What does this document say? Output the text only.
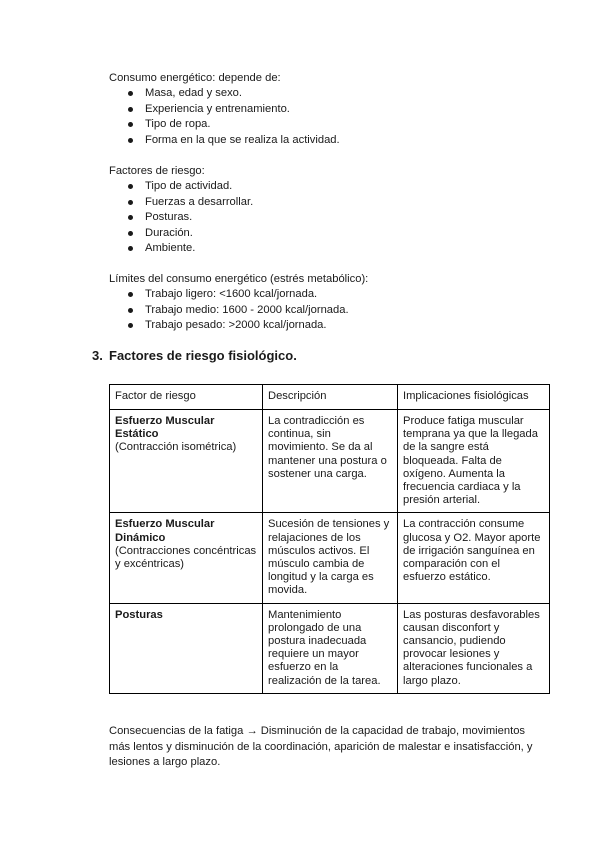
Consumo energético: depende de:

Masa, edad y sexo.
Experiencia y entrenamiento.
Tipo de ropa.
Forma en la que se realiza la actividad.

Factores de riesgo:

Tipo de actividad.
Fuerzas a desarrollar.
Posturas.
Duración.
Ambiente.

Límites del consumo energético (estrés metabólico):

Trabajo ligero: <1600 kcal/jornada.
Trabajo medio: 1600 - 2000 kcal/jornada.
Trabajo pesado: >2000 kcal/jornada.
3. Factores de riesgo fisiológico.
Factor de riesgo	Descripción	Implicaciones fisiológicas

Esfuerzo Muscular Estático
(Contracción isométrica)	La contradicción es continua, sin movimiento. Se da al mantener una postura o sostener una carga.	Produce fatiga muscular temprana ya que la llegada de la sangre está bloqueada. Falta de oxígeno. Aumenta la frecuencia cardiaca y la presión arterial.

Esfuerzo Muscular Dinámico
(Contracciones concéntricas y excéntricas)	Sucesión de tensiones y relajaciones de los músculos activos. El músculo cambia de longitud y la carga es movida.	La contracción consume glucosa y O2. Mayor aporte de irrigación sanguínea en comparación con el esfuerzo estático.

Posturas	Mantenimiento prolongado de una postura inadecuada requiere un mayor esfuerzo en la realización de la tarea.	Las posturas desfavorables causan disconfort y cansancio, pudiendo provocar lesiones y alteraciones funcionales a largo plazo.

Consecuencias de la fatiga → Disminución de la capacidad de trabajo, movimientos más lentos y disminución de la coordinación, aparición de malestar e insatisfacción, y lesiones a largo plazo.
